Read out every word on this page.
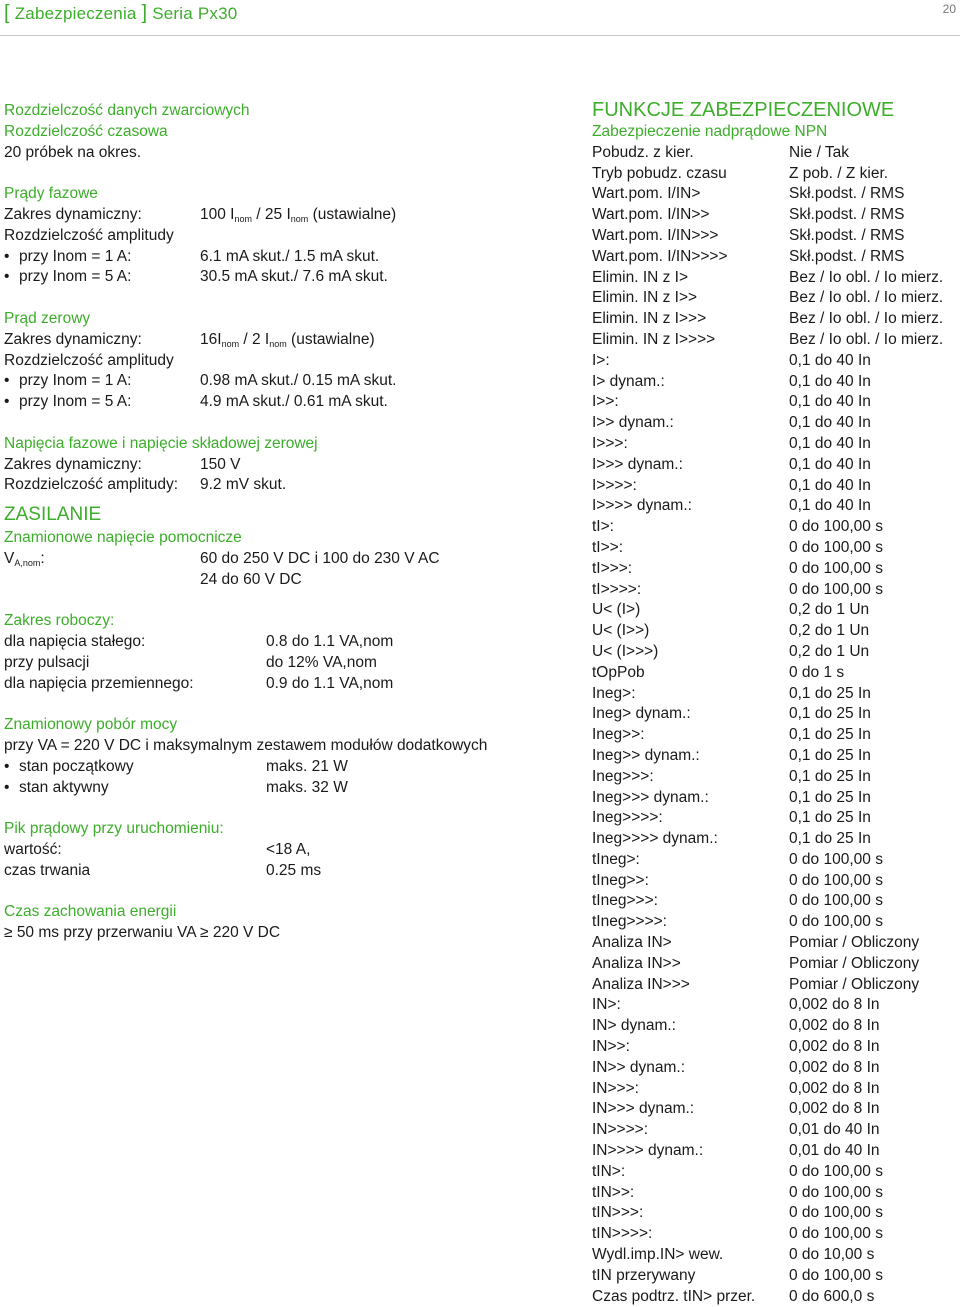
[ Zabezpieczenia ] Seria Px30	20
Rozdzielczość danych zwarciowych
Rozdzielczość czasowa
20 próbek na okres.
Prądy fazowe
Zakres dynamiczny:	100 $I_{nom} / 25$ $I_{nom}$ (ustawialne)
Rozdzielczość amplitudy
•przy Inom = 1 A:	6.1 mA skut./ 1.5 mA skut.
•przy Inom = 5 A:	30.5 mA skut./ 7.6 mA skut.
Prąd zerowy
Zakres dynamiczny:	$16I_{nom} / 2$ $I_{nom}$ (ustawialne)
Rozdzielczość amplitudy
•przy Inom = 1 A:	0.98 mA skut./ 0.15 mA skut.
•przy Inom = 5 A:	4.9 mA skut./ 0.61 mA skut.
Napięcia fazowe i napięcie składowej zerowej
Zakres dynamiczny:	150 V
Rozdzielczość amplitudy: 9.2 mV skut.
ZASILANIE
Znamionowe napięcie pomocnicze
$V_{A,nom}$:	60 do 250 V DC i 100 do 230 V AC
24 do 60 V DC
Zakres roboczy:
dla napięcia stałego:	0.8 do 1.1 VA,nom
przy pulsacji	do 12% VA,nom
dla napięcia przemiennego:	0.9 do 1.1 VA,nom
Znamionowy pobór mocy
przy VA = 220 V DC i maksymalnym zestawem modułów dodatkowych
•stan początkowy	maks. 21 W
•stan aktywny	maks. 32 W
Pik prądowy przy uruchomieniu:
wartość:	<18 A,
czas trwania	0.25 ms
Czas zachowania energii
≥ 50 ms przy przerwaniu VA ≥ 220 V DC
FUNKCJE ZABEZPIECZENIOWE
Zabezpieczenie nadprądowe NPN
Pobudz. z kier.	Nie / Tak
Tryb pobudz. czasu	Z pob. / Z kier.
Wart.pom. I/IN>	Skł.podst. / RMS
Wart.pom. I/IN>>	Skł.podst. / RMS
Wart.pom. I/IN>>>	Skł.podst. / RMS
Wart.pom. I/IN>>>>	Skł.podst. / RMS
Elimin. IN z I>	Bez / Io obl. / Io mierz.
Elimin. IN z I>>	Bez / Io obl. / Io mierz.
Elimin. IN z I>>>	Bez / Io obl. / Io mierz.
Elimin. IN z I>>>>	Bez / Io obl. / Io mierz.
I>:	0,1 do 40 In
I> dynam.:	0,1 do 40 In
I>>:	0,1 do 40 In
I>> dynam.:	0,1 do 40 In
I>>>:	0,1 do 40 In
I>>> dynam.:	0,1 do 40 In
I>>>>:	0,1 do 40 In
I>>>> dynam.:	0,1 do 40 In
tI>:	0 do 100,00 s
tI>>:	0 do 100,00 s
tI>>>:	0 do 100,00 s
tI>>>>:	0 do 100,00 s
U< (I>)	0,2 do 1 Un
U< (I>>)	0,2 do 1 Un
U< (I>>>)	0,2 do 1 Un
tOpPob	0 do 1 s
Ineg>:	0,1 do 25 In
Ineg> dynam.:	0,1 do 25 In
Ineg>>:	0,1 do 25 In
Ineg>> dynam.:	0,1 do 25 In
Ineg>>>:	0,1 do 25 In
Ineg>>> dynam.:	0,1 do 25 In
Ineg>>>>:	0,1 do 25 In
Ineg>>>> dynam.:	0,1 do 25 In
tIneg>:	0 do 100,00 s
tIneg>>:	0 do 100,00 s
tIneg>>>:	0 do 100,00 s
tIneg>>>>:	0 do 100,00 s
Analiza IN>	Pomiar / Obliczony
Analiza IN>>	Pomiar / Obliczony
Analiza IN>>>	Pomiar / Obliczony
IN>:	0,002 do 8 In
IN> dynam.:	0,002 do 8 In
IN>>:	0,002 do 8 In
IN>> dynam.:	0,002 do 8 In
IN>>>:	0,002 do 8 In
IN>>> dynam.:	0,002 do 8 In
IN>>>>:	0,01 do 40 In
IN>>>> dynam.:	0,01 do 40 In
tIN>:	0 do 100,00 s
tIN>>:	0 do 100,00 s
tIN>>>:	0 do 100,00 s
tIN>>>>:	0 do 100,00 s
Wydl.imp.IN> wew.	0 do 10,00 s
tIN przerywany	0 do 100,00 s
Czas podtrz. tIN> przer. 0 do 600,0 s
